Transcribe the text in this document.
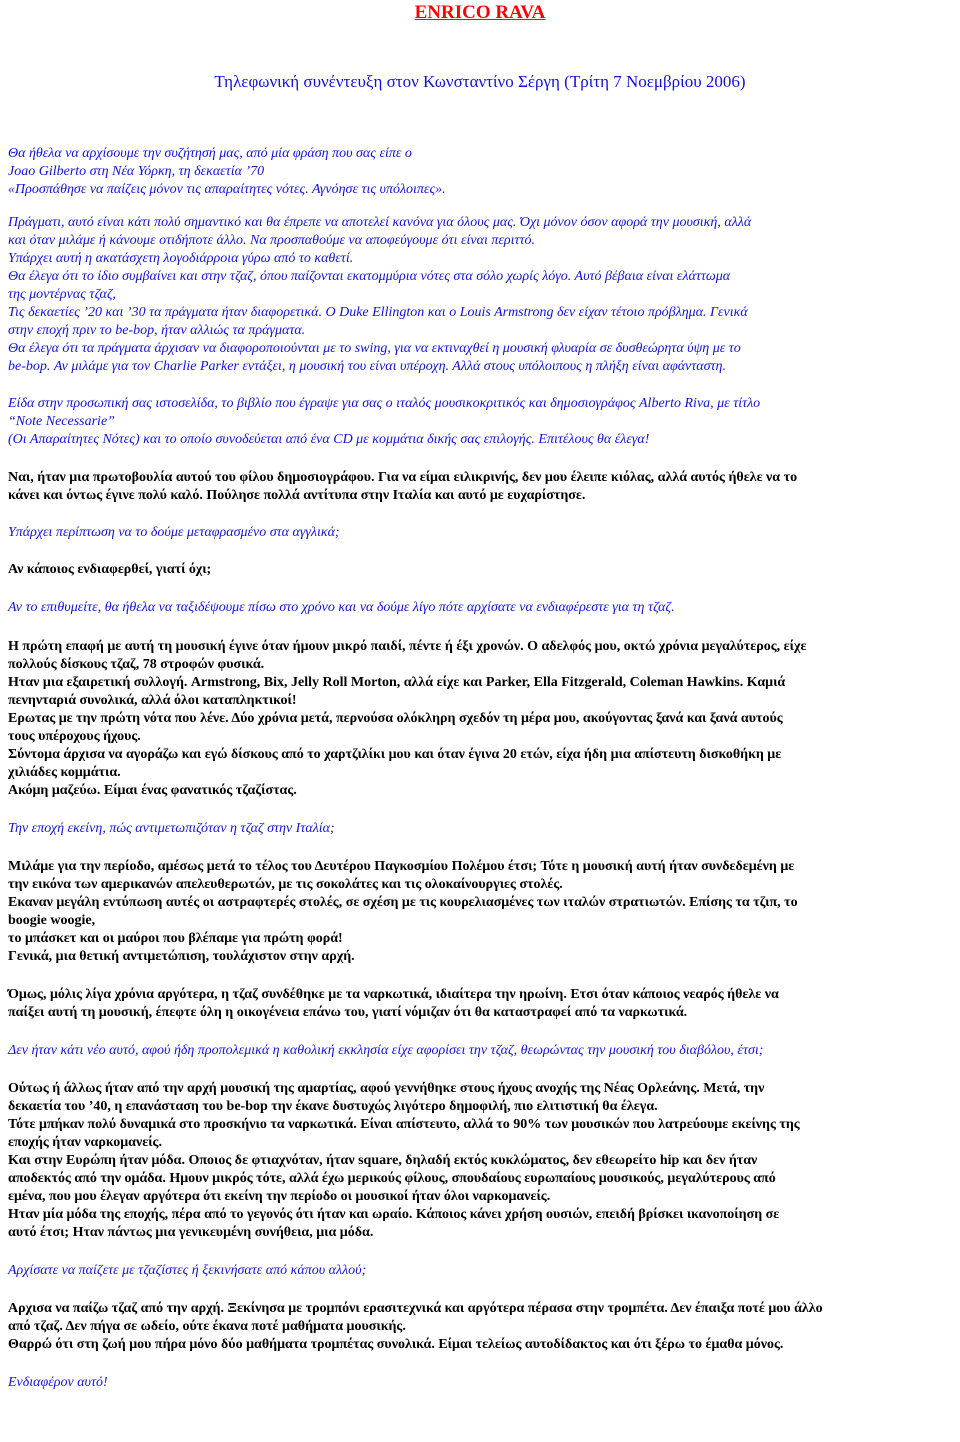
ENRICO RAVA
Τηλεφωνική συνέντευξη στον Κωνσταντίνο Σέργη (Τρίτη 7 Νοεμβρίου 2006)
Θα ήθελα να αρχίσουμε την συζήτησή μας, από μία φράση που σας είπε ο
Joao Gilberto στη Νέα Υόρκη, τη δεκαετία ’70
«Προσπάθησε να παίζεις μόνον τις απαραίτητες νότες. Αγνόησε τις υπόλοιπες».
Πράγματι, αυτό είναι κάτι πολύ σημαντικό και θα έπρεπε να αποτελεί κανόνα για όλους μας. Όχι μόνον όσον αφορά την μουσική, αλλά
και όταν μιλάμε ή κάνουμε οτιδήποτε άλλο. Να προσπαθούμε να αποφεύγουμε ότι είναι περιττό.
Υπάρχει αυτή η ακατάσχετη λογοδιάρροια γύρω από το καθετί.
Θα έλεγα ότι το ίδιο συμβαίνει και στην τζαζ, όπου παίζονται εκατομμύρια νότες στα σόλο χωρίς λόγο. Αυτό βέβαια είναι ελάττωμα
της μοντέρνας τζαζ,
Τις δεκαετίες ’20 και ’30 τα πράγματα ήταν διαφορετικά. Ο Duke Ellington και ο Louis Armstrong δεν είχαν τέτοιο πρόβλημα. Γενικά
στην εποχή πριν το be-bop, ήταν αλλιώς τα πράγματα.
Θα έλεγα ότι τα πράγματα άρχισαν να διαφοροποιούνται με το swing, για να εκτιναχθεί η μουσική φλυαρία σε δυσθεώρητα ύψη με το
be-bop. Αν μιλάμε για τον Charlie Parker εντάξει, η μουσική του είναι υπέροχη. Αλλά στους υπόλοιπους η πλήξη είναι αφάνταστη.
Είδα στην προσωπική σας ιστοσελίδα, το βιβλίο που έγραψε για σας ο ιταλός μουσικοκριτικός και δημοσιογράφος Alberto Riva, με τίτλο
“Note Necessarie”
(Οι Απαραίτητες Νότες) και το οποίο συνοδεύεται από ένα CD με κομμάτια δικής σας επιλογής. Επιτέλους θα έλεγα!
Ναι, ήταν μια πρωτοβουλία αυτού του φίλου δημοσιογράφου. Για να είμαι ειλικρινής, δεν μου έλειπε κιόλας, αλλά αυτός ήθελε να το
κάνει και όντως έγινε πολύ καλό. Πούλησε πολλά αντίτυπα στην Ιταλία και αυτό με ευχαρίστησε.
Υπάρχει περίπτωση να το δούμε μεταφρασμένο στα αγγλικά;
Αν κάποιος ενδιαφερθεί, γιατί όχι;
Αν το επιθυμείτε, θα ήθελα να ταξιδέψουμε πίσω στο χρόνο και να δούμε λίγο πότε αρχίσατε να ενδιαφέρεστε για τη τζαζ.
Η πρώτη επαφή με αυτή τη μουσική έγινε όταν ήμουν μικρό παιδί, πέντε ή έξι χρονών. Ο αδελφός μου, οκτώ χρόνια μεγαλύτερος, είχε
πολλούς δίσκους τζαζ, 78 στροφών φυσικά.
Ηταν μια εξαιρετική συλλογή. Armstrong, Bix, Jelly Roll Morton, αλλά είχε και Parker, Ella Fitzgerald, Coleman Hawkins. Καμιά
πενηνταριά συνολικά, αλλά όλοι καταπληκτικοί!
Ερωτας με την πρώτη νότα που λένε. Δύο χρόνια μετά, περνούσα ολόκληρη σχεδόν τη μέρα μου, ακούγοντας ξανά και ξανά αυτούς
τους υπέροχους ήχους.
Σύντομα άρχισα να αγοράζω και εγώ δίσκους από το χαρτζιλίκι μου και όταν έγινα 20 ετών, είχα ήδη μια απίστευτη δισκοθήκη με
χιλιάδες κομμάτια.
Ακόμη μαζεύω. Είμαι ένας φανατικός τζαζίστας.
Την εποχή εκείνη, πώς αντιμετωπιζόταν η τζαζ στην Ιταλία;
Μιλάμε για την περίοδο, αμέσως μετά το τέλος του Δευτέρου Παγκοσμίου Πολέμου έτσι; Τότε η μουσική αυτή ήταν συνδεδεμένη με
την εικόνα των αμερικανών απελευθερωτών, με τις σοκολάτες και τις ολοκαίνουργιες στολές.
Εκαναν μεγάλη εντύπωση αυτές οι αστραφτερές στολές, σε σχέση με τις κουρελιασμένες των ιταλών στρατιωτών. Επίσης τα τζιπ, το
boogie woogie,
το μπάσκετ και οι μαύροι που βλέπαμε για πρώτη φορά!
Γενικά, μια θετική αντιμετώπιση, τουλάχιστον στην αρχή.
Όμως, μόλις λίγα χρόνια αργότερα, η τζαζ συνδέθηκε με τα ναρκωτικά, ιδιαίτερα την ηρωίνη. Ετσι όταν κάποιος νεαρός ήθελε να
παίξει αυτή τη μουσική, έπεφτε όλη η οικογένεια επάνω του, γιατί νόμιζαν ότι θα καταστραφεί από τα ναρκωτικά.
Δεν ήταν κάτι νέο αυτό, αφού ήδη προπολεμικά η καθολική εκκλησία είχε αφορίσει την τζαζ, θεωρώντας την μουσική του διαβόλου, έτσι;
Ούτως ή άλλως ήταν από την αρχή μουσική της αμαρτίας, αφού γεννήθηκε στους ήχους ανοχής της Νέας Ορλεάνης. Μετά, την
δεκαετία του ’40, η επανάσταση του be-bop την έκανε δυστυχώς λιγότερο δημοφιλή, πιο ελιτιστική θα έλεγα.
Τότε μπήκαν πολύ δυναμικά στο προσκήνιο τα ναρκωτικά. Είναι απίστευτο, αλλά το 90% των μουσικών που λατρεύουμε εκείνης της
εποχής ήταν ναρκομανείς.
Και στην Ευρώπη ήταν μόδα. Οποιος δε φτιαχνόταν, ήταν square, δηλαδή εκτός κυκλώματος, δεν εθεωρείτο hip και δεν ήταν
αποδεκτός από την ομάδα. Ημουν μικρός τότε, αλλά έχω μερικούς φίλους, σπουδαίους ευρωπαίους μουσικούς, μεγαλύτερους από
εμένα, που μου έλεγαν αργότερα ότι εκείνη την περίοδο οι μουσικοί ήταν όλοι ναρκομανείς.
Ηταν μία μόδα της εποχής, πέρα από το γεγονός ότι ήταν και ωραίο. Κάποιος κάνει χρήση ουσιών, επειδή βρίσκει ικανοποίηση σε
αυτό έτσι; Ηταν πάντως μια γενικευμένη συνήθεια, μια μόδα.
Αρχίσατε να παίζετε με τζαζίστες ή ξεκινήσατε από κάπου αλλού;
Αρχισα να παίζω τζαζ από την αρχή. Ξεκίνησα με τρομπόνι ερασιτεχνικά και αργότερα πέρασα στην τρομπέτα. Δεν έπαιξα ποτέ μου άλλο
από τζαζ. Δεν πήγα σε ωδείο, ούτε έκανα ποτέ μαθήματα μουσικής.
Θαρρώ ότι στη ζωή μου πήρα μόνο δύο μαθήματα τρομπέτας συνολικά. Είμαι τελείως αυτοδίδακτος και ότι ξέρω το έμαθα μόνος.
Ενδιαφέρον αυτό!
